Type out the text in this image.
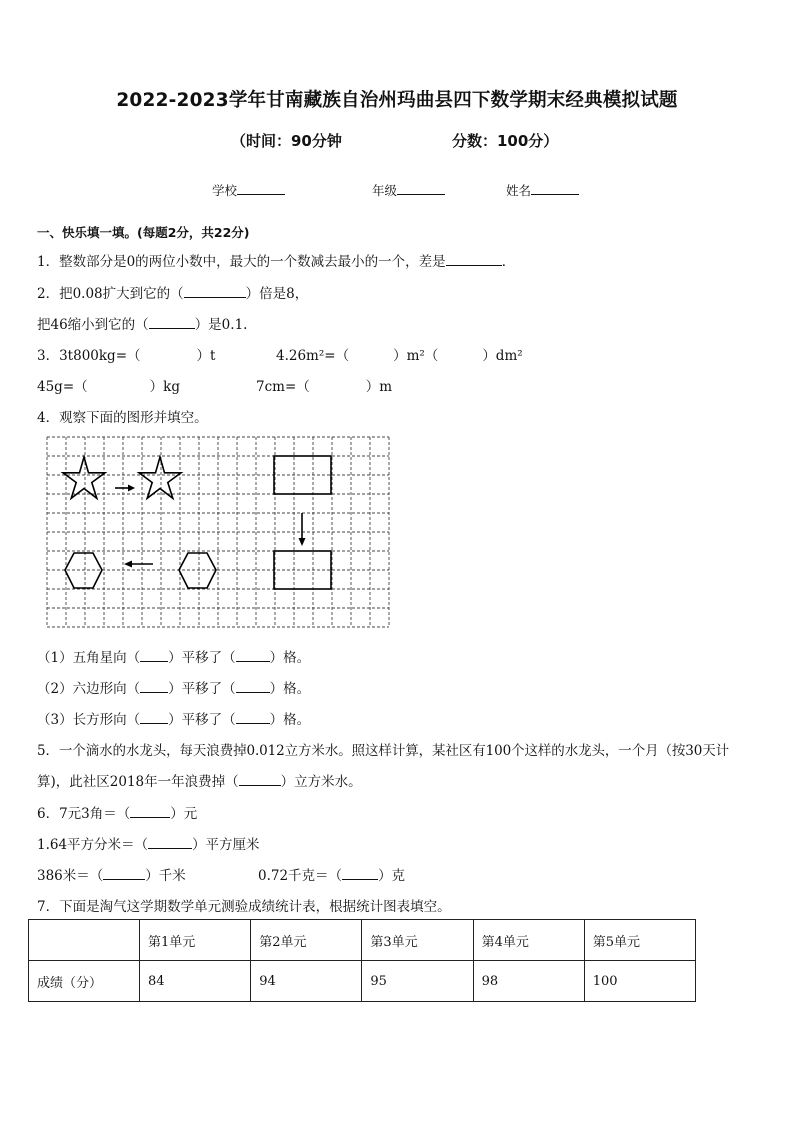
2022-2023学年甘南藏族自治州玛曲县四下数学期末经典模拟试题
（时间：90分钟	分数：100分）
学校	年级	姓名
一、快乐填一填。(每题2分，共22分)
1．整数部分是0的两位小数中，最大的一个数减去最小的一个，差是	．
2．把0.08扩大到它的（	）倍是8，
把46缩小到它的（	）是0.1.
3．3t800kg=（	）t	4.26m²=（	）m²（	）dm²
45g=（	）kg	7cm=（	）m
4．观察下面的图形并填空。
（1）五角星向（ ）平移了（	）格。
（2）六边形向（ ）平移了（	）格。
（3）长方形向（ ）平移了（	）格。
5．一个滴水的水龙头，每天浪费掉0.012立方米水。照这样计算，某社区有100个这样的水龙头，一个月（按30天计
算)，此社区2018年一年浪费掉（	）立方米水。
6．7元3角＝（	）元
1.64平方分米＝（	）平方厘米
386米＝（	）千米	0.72千克＝（	）克
7．下面是淘气这学期数学单元测验成绩统计表，根据统计图表填空。
	第1单元	第2单元	第3单元	第4单元	第5单元
成绩（分）	84	94	95	98	100
